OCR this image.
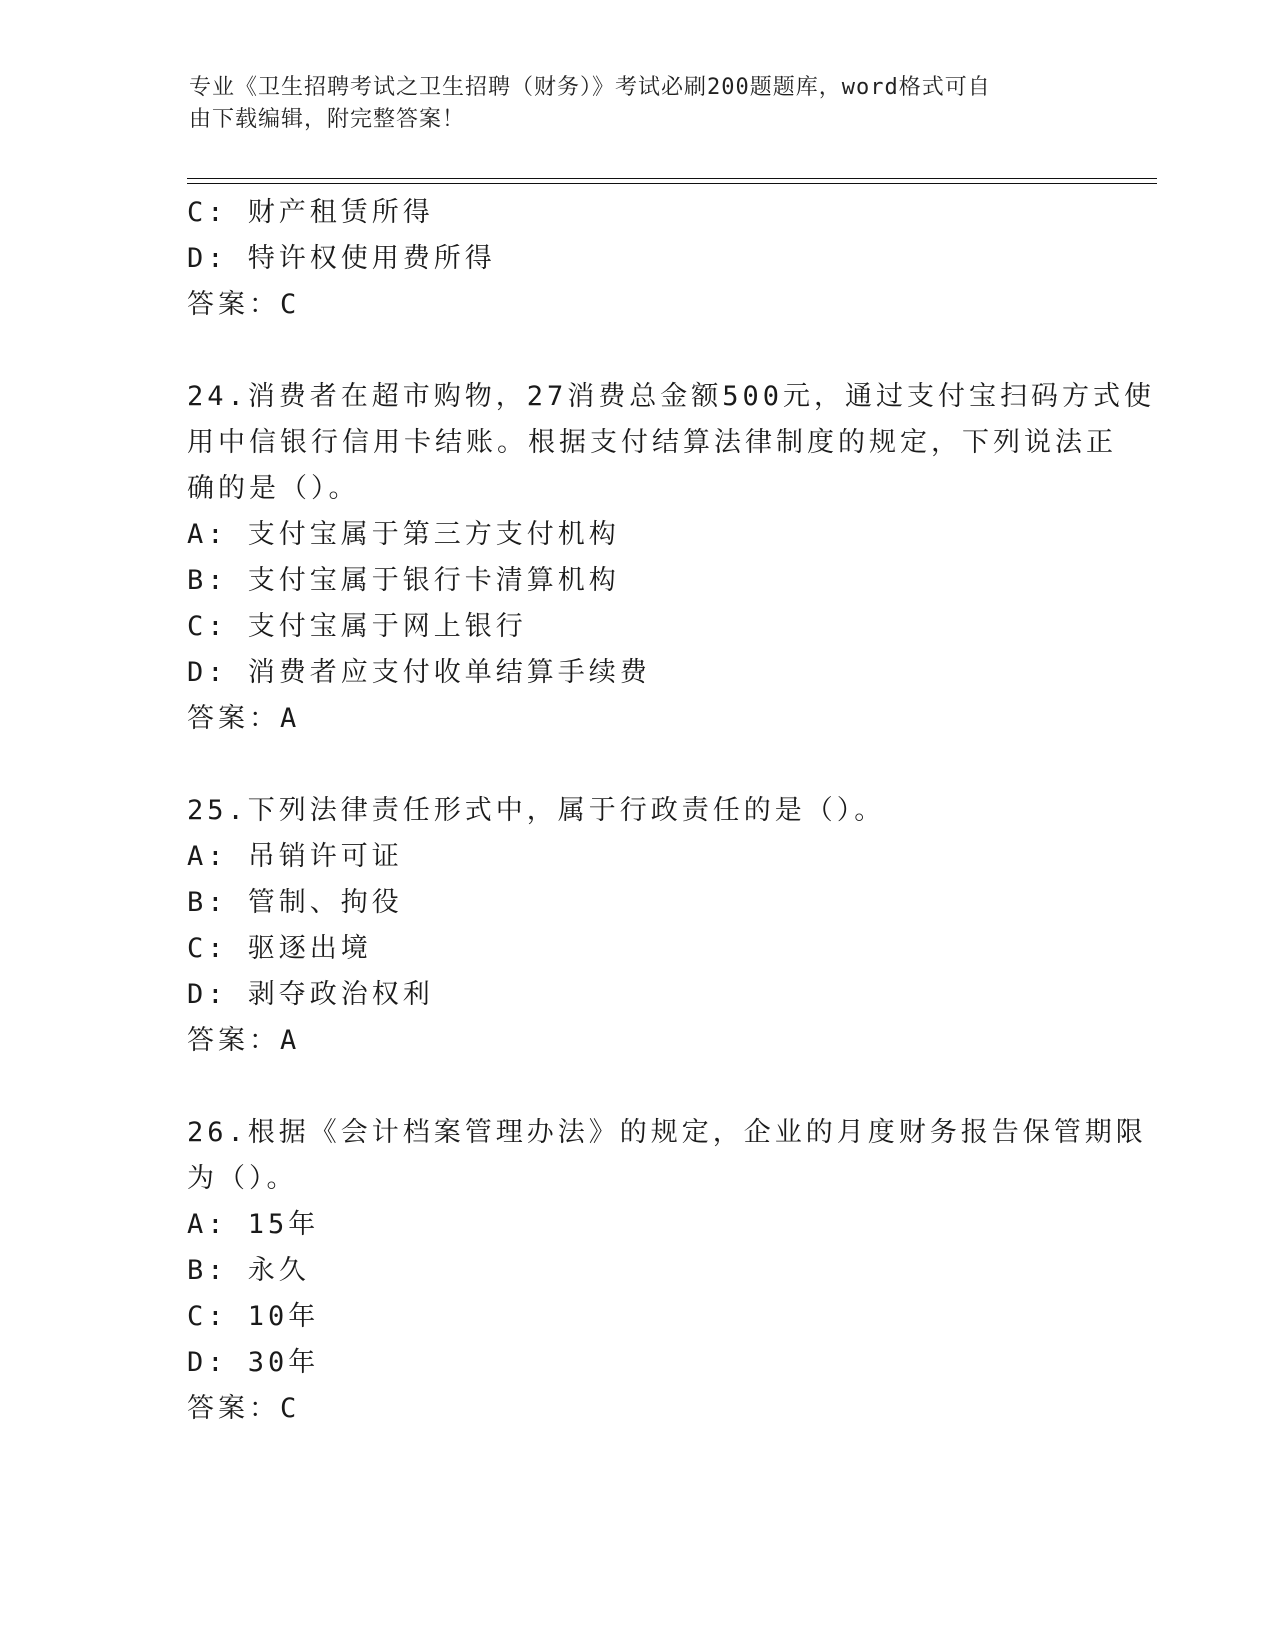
专业《卫生招聘考试之卫生招聘（财务）》考试必刷200题题库，word格式可自
由下载编辑，附完整答案！
C: 财产租赁所得
D: 特许权使用费所得
答案：C
24.消费者在超市购物，27消费总金额500元，通过支付宝扫码方式使
用中信银行信用卡结账。根据支付结算法律制度的规定，下列说法正
确的是（）。
A: 支付宝属于第三方支付机构
B: 支付宝属于银行卡清算机构
C: 支付宝属于网上银行
D: 消费者应支付收单结算手续费
答案：A
25.下列法律责任形式中，属于行政责任的是（）。
A: 吊销许可证
B: 管制、拘役
C: 驱逐出境
D: 剥夺政治权利
答案：A
26.根据《会计档案管理办法》的规定，企业的月度财务报告保管期限
为（）。
A: 15年
B: 永久
C: 10年
D: 30年
答案：C
